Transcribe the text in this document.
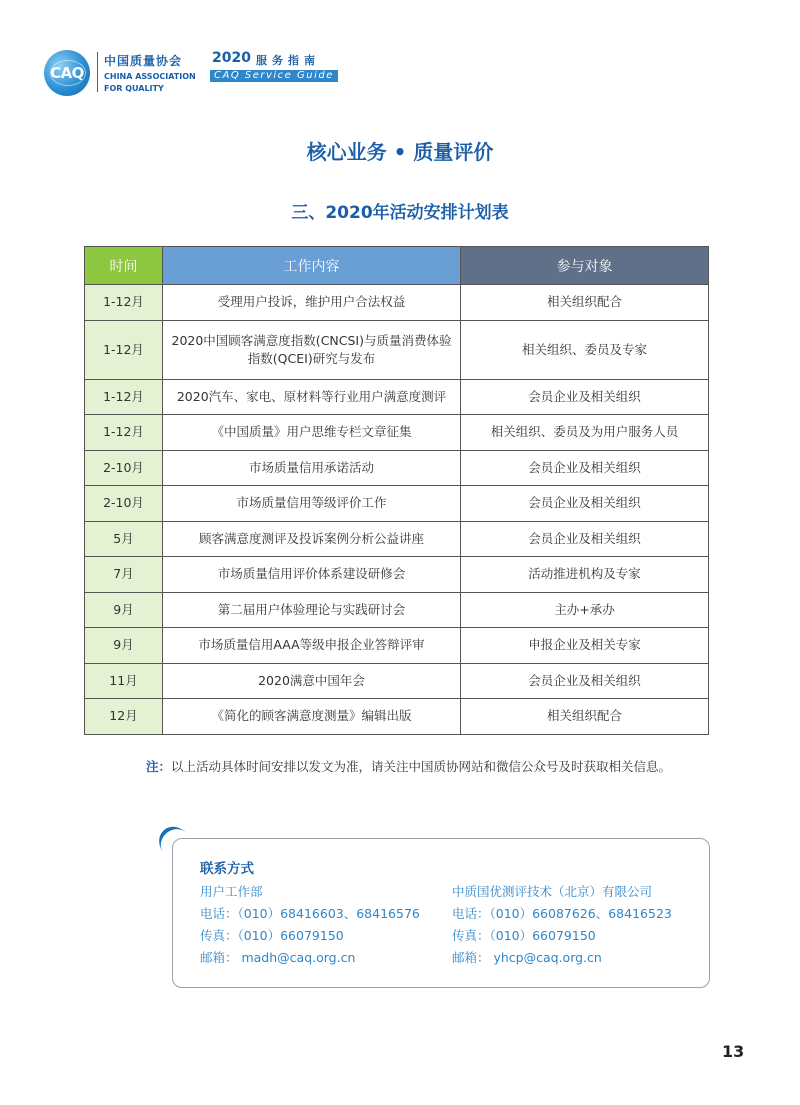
CAQ
中国质量协会
CHINA ASSOCIATION
FOR QUALITY
2020 服务指南
CAQ Service Guide
核心业务 • 质量评价
三、2020年活动安排计划表
时间	工作内容	参与对象
1-12月	受理用户投诉，维护用户合法权益	相关组织配合
1-12月	2020中国顾客满意度指数(CNCSI)与质量消费体验指数(QCEI)研究与发布	相关组织、委员及专家
1-12月	2020汽车、家电、原材料等行业用户满意度测评	会员企业及相关组织
1-12月	《中国质量》用户思维专栏文章征集	相关组织、委员及为用户服务人员
2-10月	市场质量信用承诺活动	会员企业及相关组织
2-10月	市场质量信用等级评价工作	会员企业及相关组织
5月	顾客满意度测评及投诉案例分析公益讲座	会员企业及相关组织
7月	市场质量信用评价体系建设研修会	活动推进机构及专家
9月	第二届用户体验理论与实践研讨会	主办+承办
9月	市场质量信用AAA等级申报企业答辩评审	申报企业及相关专家
11月	2020满意中国年会	会员企业及相关组织
12月	《简化的顾客满意度测量》编辑出版	相关组织配合
注：以上活动具体时间安排以发文为准，请关注中国质协网站和微信公众号及时获取相关信息。
联系方式
用户工作部
电话：（010）68416603、68416576
传真：（010）66079150
邮箱： madh@caq.org.cn
中质国优测评技术（北京）有限公司
电话：（010）66087626、68416523
传真：（010）66079150
邮箱： yhcp@caq.org.cn
13
